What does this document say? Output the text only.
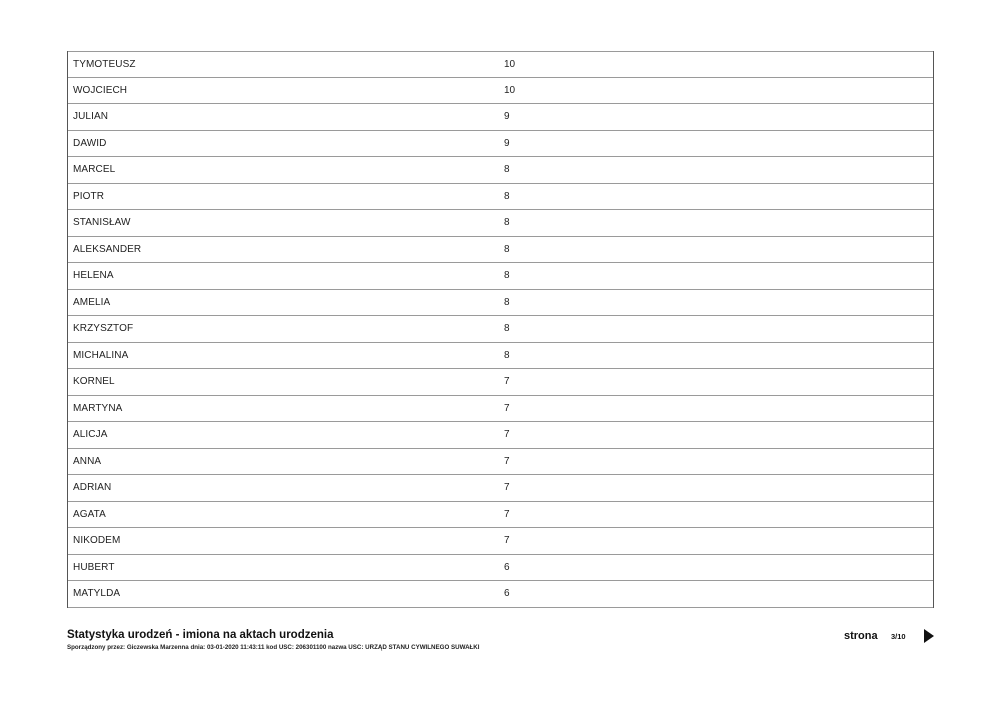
TYMOTEUSZ	10
WOJCIECH	10
JULIAN	9
DAWID	9
MARCEL	8
PIOTR	8
STANISŁAW	8
ALEKSANDER	8
HELENA	8
AMELIA	8
KRZYSZTOF	8
MICHALINA	8
KORNEL	7
MARTYNA	7
ALICJA	7
ANNA	7
ADRIAN	7
AGATA	7
NIKODEM	7
HUBERT	6
MATYLDA	6
Statystyka urodzeń - imiona na aktach urodzenia
Sporządzony przez: Giczewska Marzenna dnia: 03-01-2020 11:43:11 kod USC: 206301100 nazwa USC: URZĄD STANU CYWILNEGO SUWAŁKI
strona 3/10
